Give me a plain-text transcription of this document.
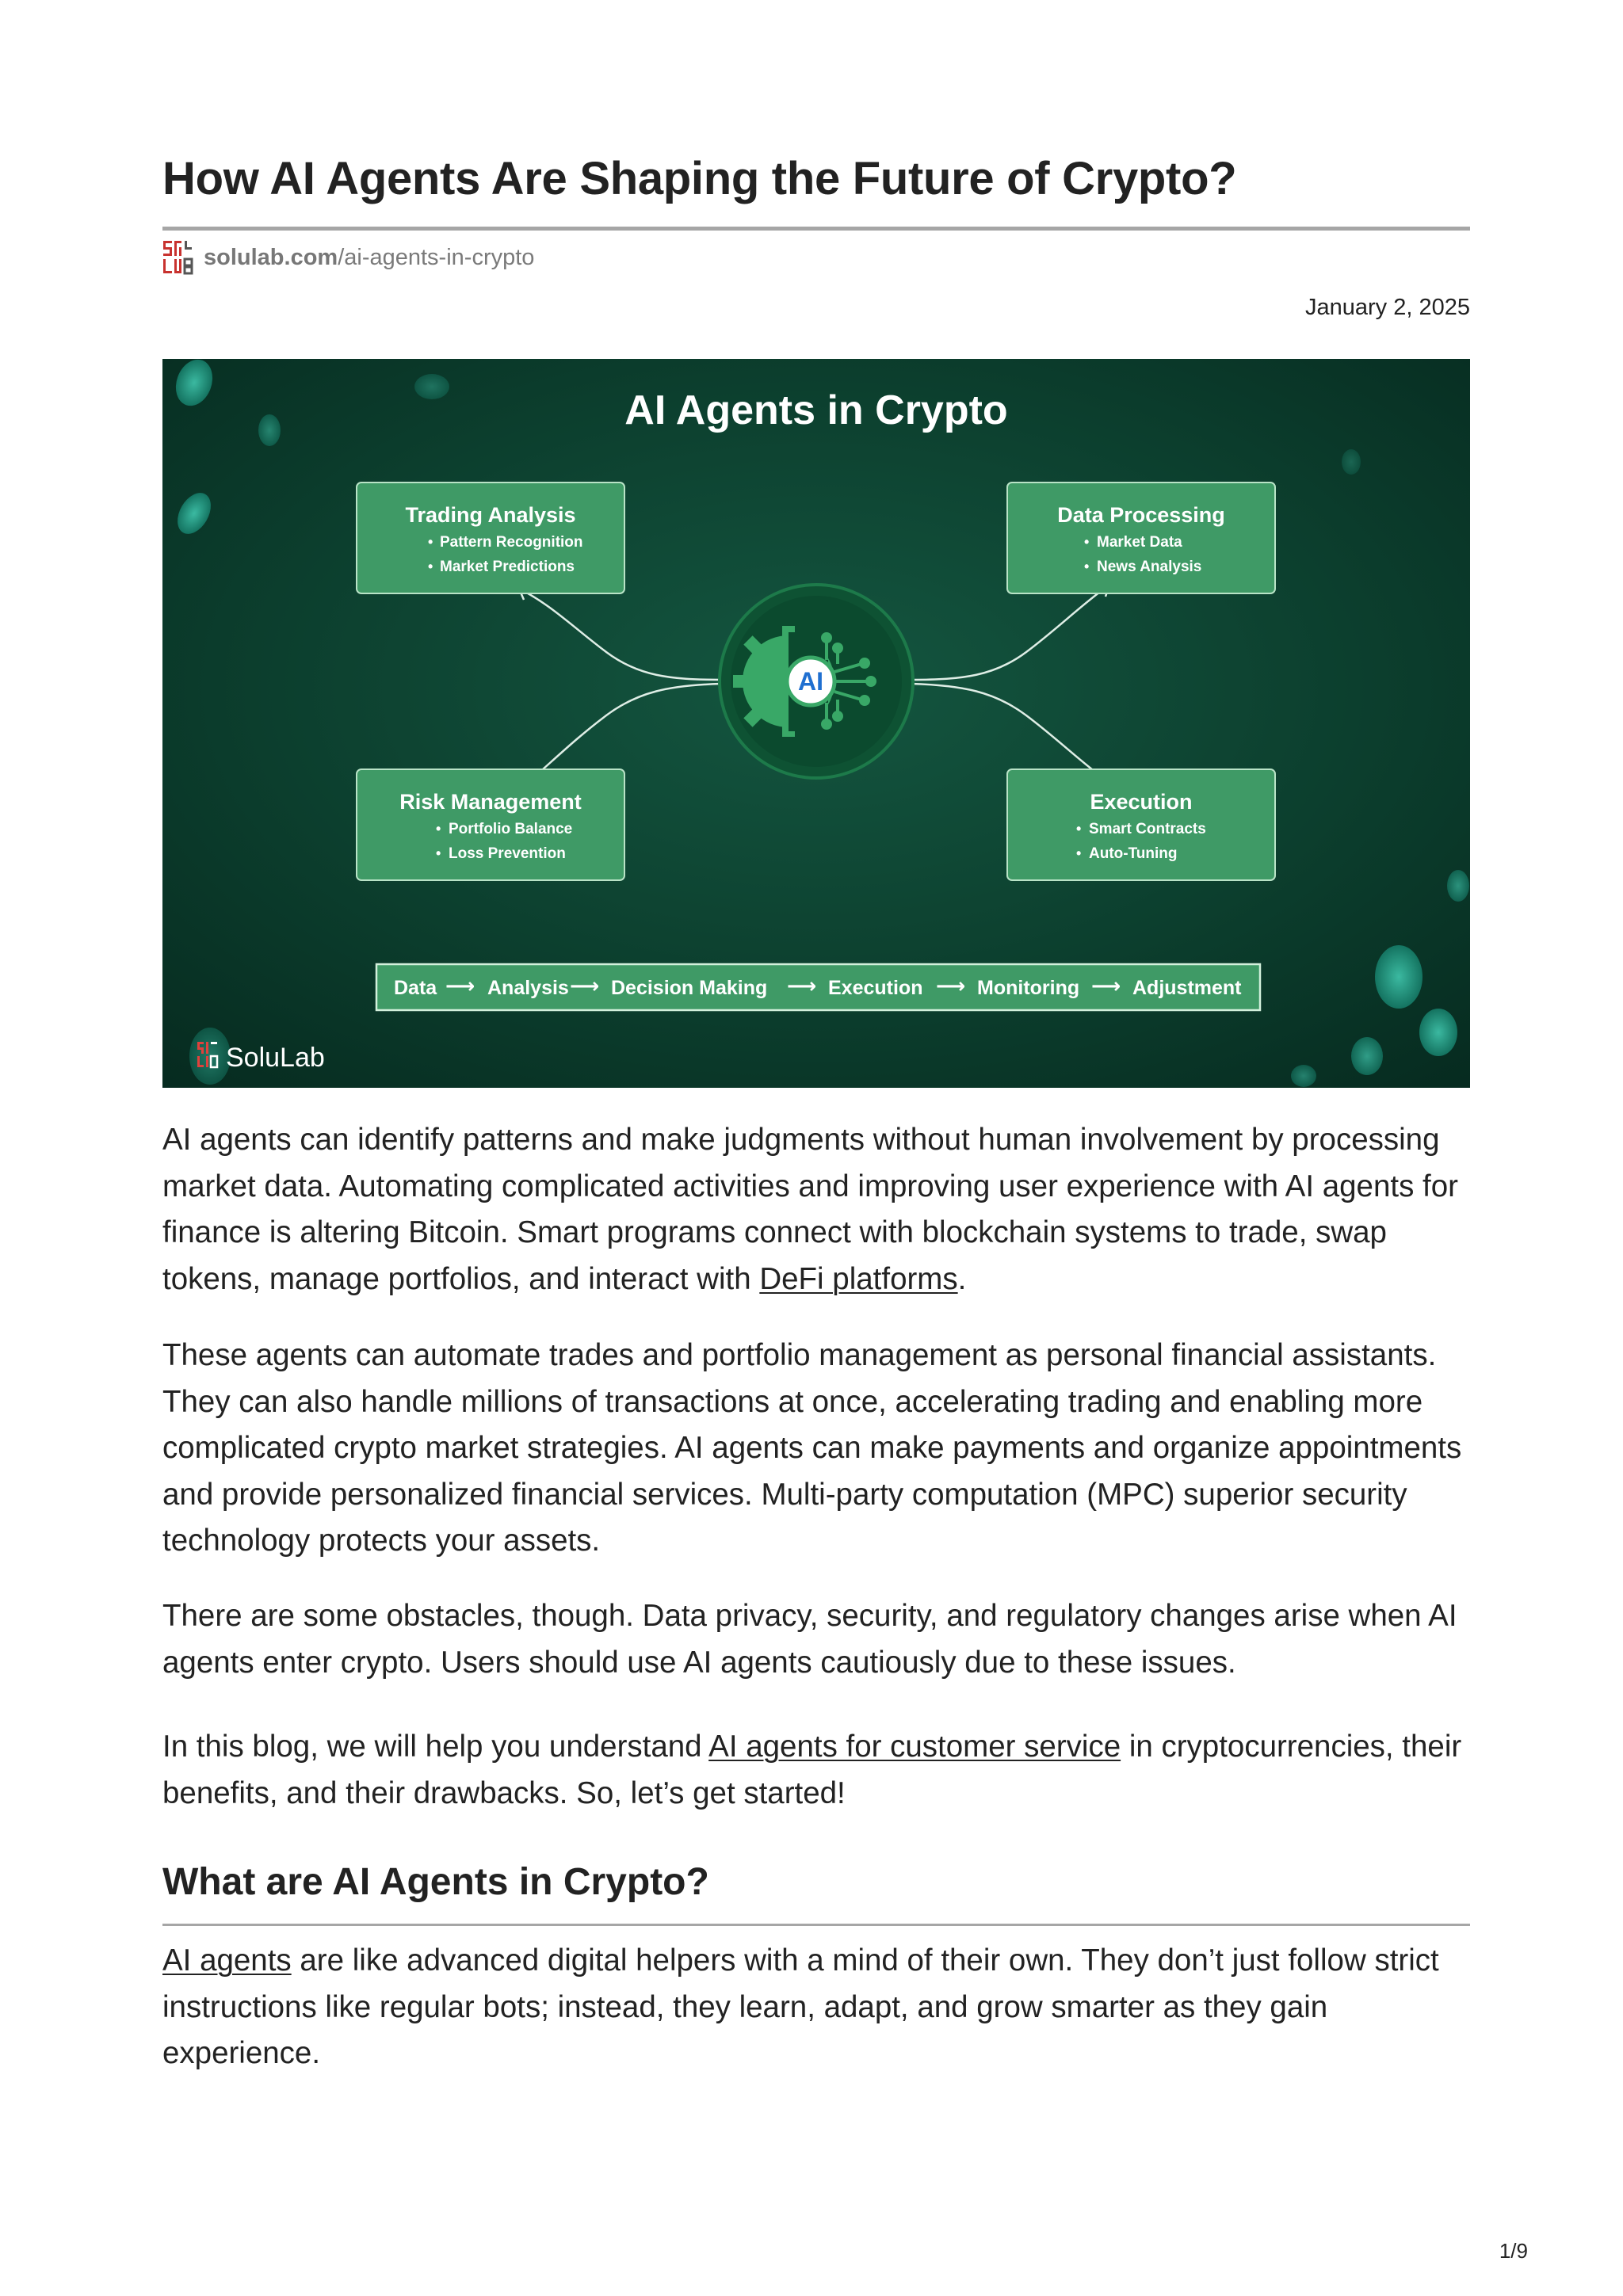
How AI Agents Are Shaping the Future of Crypto?
solulab.com/ai-agents-in-crypto
January 2, 2025
AI Agents in Crypto
AI
Trading Analysis
• Pattern Recognition
• Market Predictions
Data Processing
• Market Data
• News Analysis
Risk Management
• Portfolio Balance
• Loss Prevention
Execution
• Smart Contracts
• Auto-Tuning
Data ⟶ Analysis ⟶ Decision Making ⟶ Execution ⟶ Monitoring ⟶ Adjustment
SoluLab

AI agents can identify patterns and make judgments without human involvement by processing market data. Automating complicated activities and improving user experience with AI agents for finance is altering Bitcoin. Smart programs connect with blockchain systems to trade, swap tokens, manage portfolios, and interact with DeFi platforms.

These agents can automate trades and portfolio management as personal financial assistants. They can also handle millions of transactions at once, accelerating trading and enabling more complicated crypto market strategies. AI agents can make payments and organize appointments and provide personalized financial services. Multi-party computation (MPC) superior security technology protects your assets.

There are some obstacles, though. Data privacy, security, and regulatory changes arise when AI agents enter crypto. Users should use AI agents cautiously due to these issues.

In this blog, we will help you understand AI agents for customer service in cryptocurrencies, their benefits, and their drawbacks. So, let’s get started!

What are AI Agents in Crypto?

AI agents are like advanced digital helpers with a mind of their own. They don’t just follow strict instructions like regular bots; instead, they learn, adapt, and grow smarter as they gain experience.

1/9
